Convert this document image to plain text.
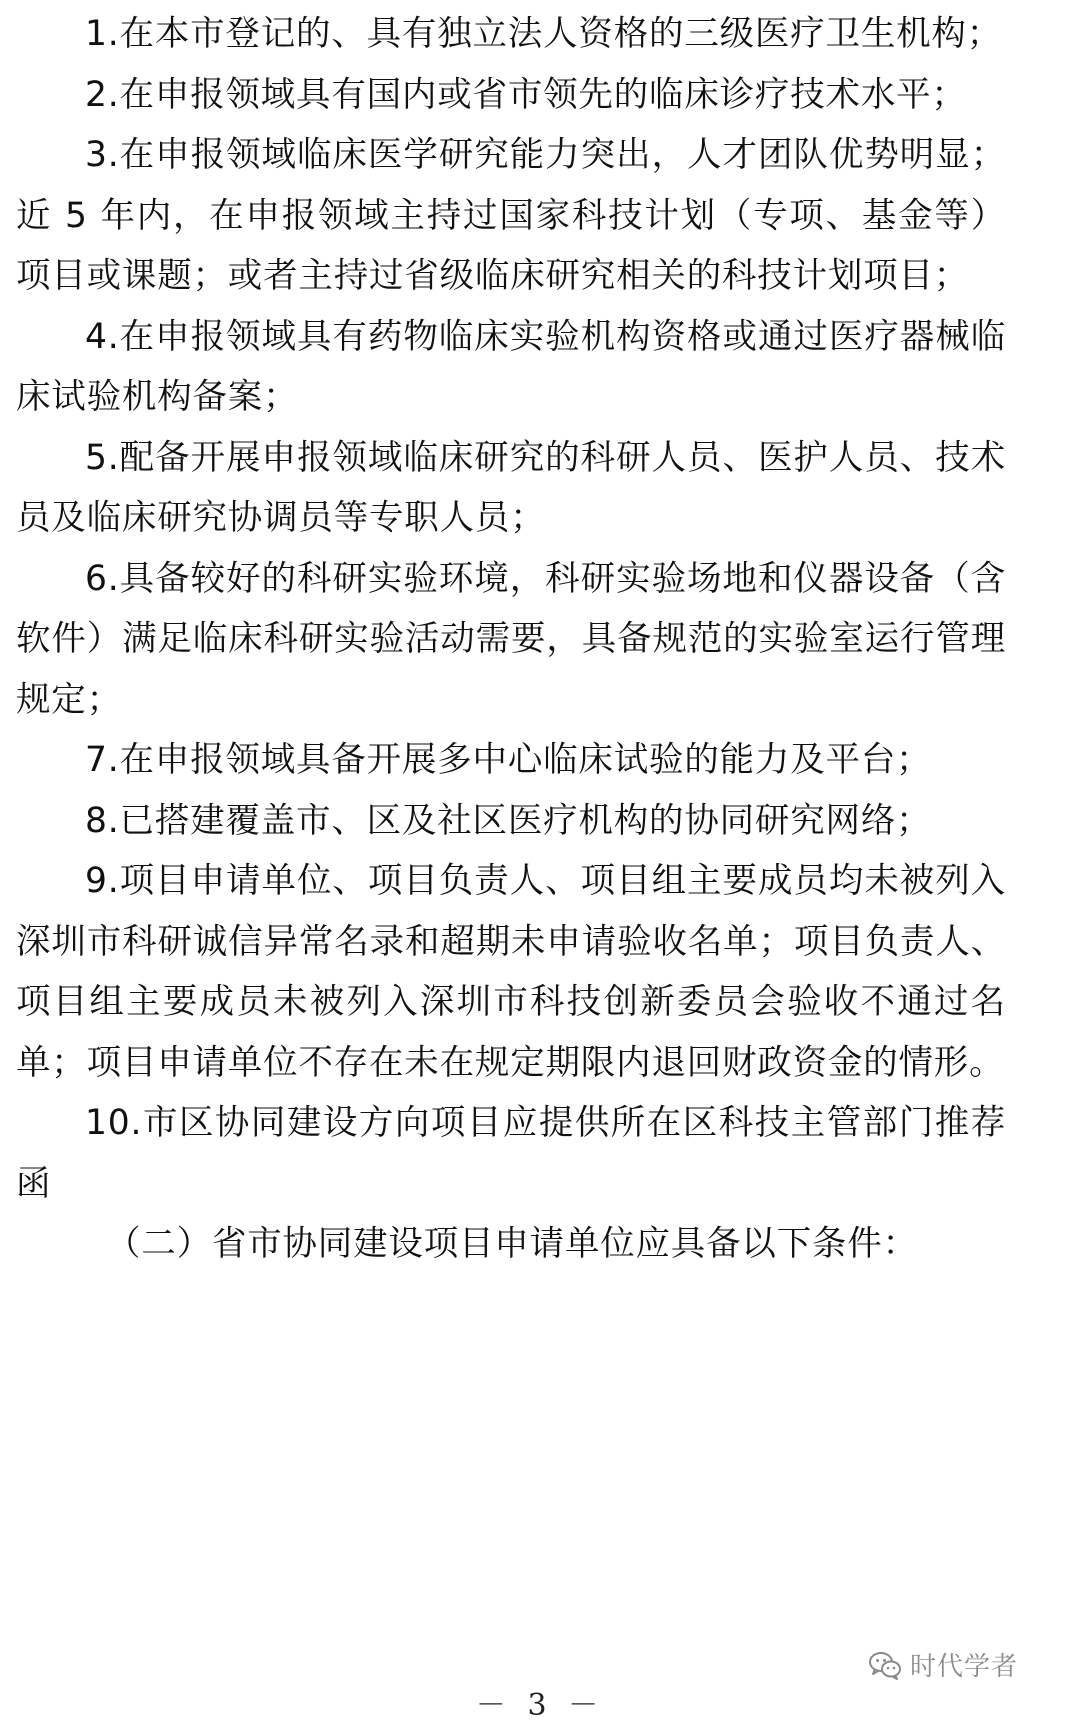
1.在本市登记的、具有独立法人资格的三级医疗卫生机构；

2.在申报领域具有国内或省市领先的临床诊疗技术水平；

3.在申报领域临床医学研究能力突出，人才团队优势明显；近 5 年内，在申报领域主持过国家科技计划（专项、基金等）项目或课题；或者主持过省级临床研究相关的科技计划项目；

4.在申报领域具有药物临床实验机构资格或通过医疗器械临床试验机构备案；

5.配备开展申报领域临床研究的科研人员、医护人员、技术员及临床研究协调员等专职人员；

6.具备较好的科研实验环境，科研实验场地和仪器设备（含软件）满足临床科研实验活动需要，具备规范的实验室运行管理规定；

7.在申报领域具备开展多中心临床试验的能力及平台；

8.已搭建覆盖市、区及社区医疗机构的协同研究网络；

9.项目申请单位、项目负责人、项目组主要成员均未被列入深圳市科研诚信异常名录和超期未申请验收名单；项目负责人、项目组主要成员未被列入深圳市科技创新委员会验收不通过名单；项目申请单位不存在未在规定期限内退回财政资金的情形。

10.市区协同建设方向项目应提供所在区科技主管部门推荐函

（二）省市协同建设项目申请单位应具备以下条件：

时代学者
－ 3 －
